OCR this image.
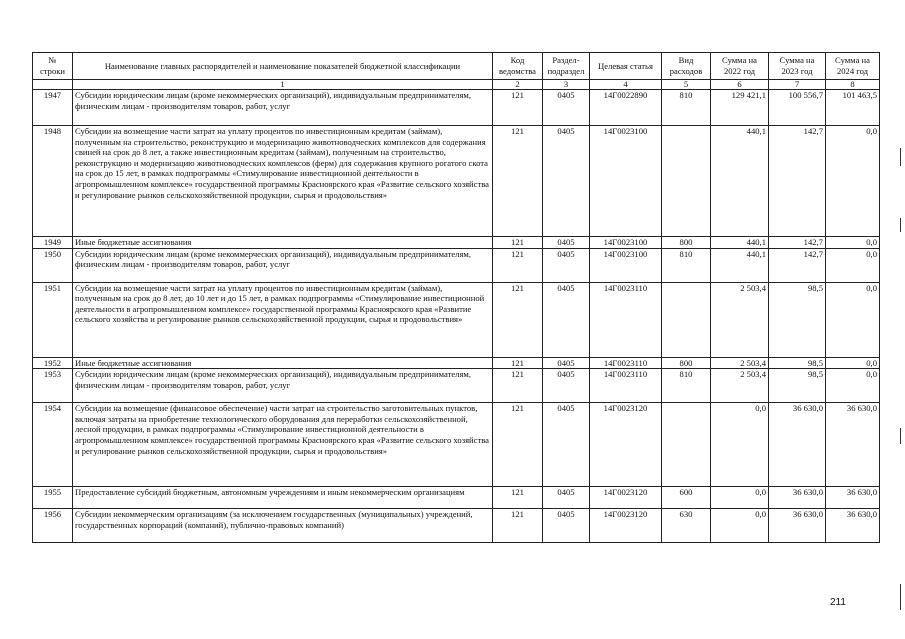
№ строки	Наименование главных распорядителей и наименование показателей бюджетной классификации	Код ведомства	Раздел-подраздел	Целевая статья	Вид расходов	Сумма на 2022 год	Сумма на 2023 год	Сумма на 2024 год
	1	2	3	4	5	6	7	8
1947	Субсидии юридическим лицам (кроме некоммерческих организаций), индивидуальным предпринимателям, физическим лицам - производителям товаров, работ, услуг	121	0405	14Г0022890	810	129 421,1	100 556,7	101 463,5
1948	Субсидии на возмещение части затрат на уплату процентов по инвестиционным кредитам (займам), полученным на строительство, реконструкцию и модернизацию животноводческих комплексов для содержания свиней на срок до 8 лет, а также инвестиционным кредитам (займам), полученным на строительство, реконструкцию и модернизацию животноводческих комплексов (ферм) для содержания крупного рогатого скота на срок до 15 лет, в рамках подпрограммы «Стимулирование инвестиционной деятельности в агропромышленном комплексе» государственной программы Красноярского края «Развитие сельского хозяйства и регулирование рынков сельскохозяйственной продукции, сырья и продовольствия»	121	0405	14Г0023100		440,1	142,7	0,0
1949	Иные бюджетные ассигнования	121	0405	14Г0023100	800	440,1	142,7	0,0
1950	Субсидии юридическим лицам (кроме некоммерческих организаций), индивидуальным предпринимателям, физическим лицам - производителям товаров, работ, услуг	121	0405	14Г0023100	810	440,1	142,7	0,0
1951	Субсидии на возмещение части затрат на уплату процентов по инвестиционным кредитам (займам), полученным на срок до 8 лет, до 10 лет и до 15 лет, в рамках подпрограммы «Стимулирование инвестиционной деятельности в агропромышленном комплексе» государственной программы Красноярского края «Развитие сельского хозяйства и регулирование рынков сельскохозяйственной продукции, сырья и продовольствия»	121	0405	14Г0023110		2 503,4	98,5	0,0
1952	Иные бюджетные ассигнования	121	0405	14Г0023110	800	2 503,4	98,5	0,0
1953	Субсидии юридическим лицам (кроме некоммерческих организаций), индивидуальным предпринимателям, физическим лицам - производителям товаров, работ, услуг	121	0405	14Г0023110	810	2 503,4	98,5	0,0
1954	Субсидии на возмещение (финансовое обеспечение) части затрат на строительство заготовительных пунктов, включая затраты на приобретение технологического оборудования для переработки сельскохозяйственной, лесной продукции, в рамках подпрограммы «Стимулирование инвестиционной деятельности в агропромышленном комплексе» государственной программы Красноярского края «Развитие сельского хозяйства и регулирование рынков сельскохозяйственной продукции, сырья и продовольствия»	121	0405	14Г0023120		0,0	36 630,0	36 630,0
1955	Предоставление субсидий бюджетным, автономным учреждениям и иным некоммерческим организациям	121	0405	14Г0023120	600	0,0	36 630,0	36 630,0
1956	Субсидии некоммерческим организациям (за исключением государственных (муниципальных) учреждений, государственных корпораций (компаний), публично-правовых компаний)	121	0405	14Г0023120	630	0,0	36 630,0	36 630,0
211
